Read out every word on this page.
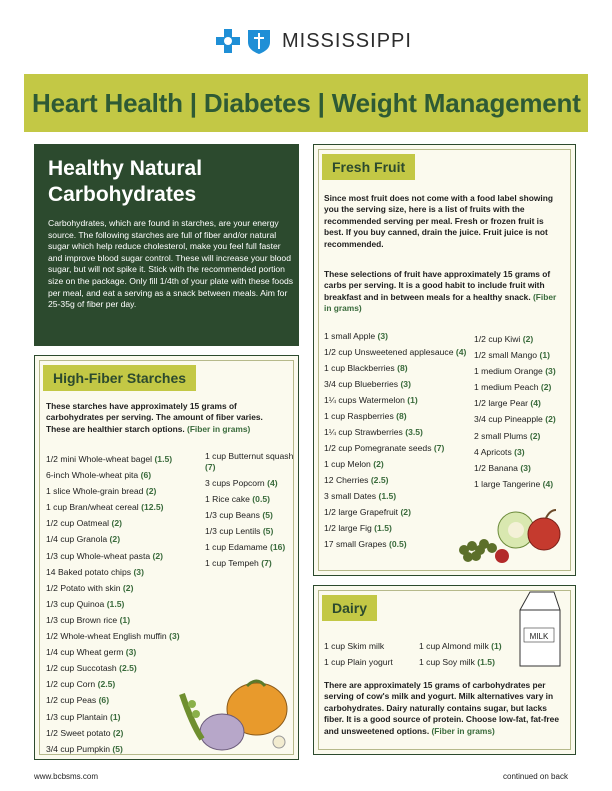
MISSISSIPPI
Heart Health | Diabetes | Weight Management
Healthy Natural Carbohydrates
Carbohydrates, which are found in starches, are your energy source. The following starches are full of fiber and/or natural sugar which help reduce cholesterol, make you feel full faster and improve blood sugar control. These will increase your blood sugar, but will not spike it. Stick with the recommended portion size on the package. Only fill 1/4th of your plate with these foods per meal, and eat a serving as a snack between meals. Aim for 25-35g of fiber per day.
High-Fiber Starches
These starches have approximately 15 grams of carbohydrates per serving. The amount of fiber varies. These are healthier starch options. (Fiber in grams)
1/2 mini Whole-wheat bagel (1.5)
6-inch Whole-wheat pita (6)
1 slice Whole-grain bread (2)
1 cup Bran/wheat cereal (12.5)
1/2 cup Oatmeal (2)
1/4 cup Granola (2)
1/3 cup Whole-wheat pasta (2)
14 Baked potato chips (3)
1/2 Potato with skin (2)
1/3 cup Quinoa (1.5)
1/3 cup Brown rice (1)
1/2 Whole-wheat English muffin (3)
1/4 cup Wheat germ (3)
1/2 cup Succotash (2.5)
1/2 cup Corn (2.5)
1/2 cup Peas (6)
1/3 cup Plantain (1)
1/2 Sweet potato (2)
3/4 cup Pumpkin (5)
1 cup Butternut squash (7)
3 cups Popcorn (4)
1 Rice cake (0.5)
1/3 cup Beans (5)
1/3 cup Lentils (5)
1 cup Edamame (16)
1 cup Tempeh (7)
Fresh Fruit
Since most fruit does not come with a food label showing you the serving size, here is a list of fruits with the recommended serving per meal. Fresh or frozen fruit is best. If you buy canned, drain the juice. Fruit juice is not recommended.
These selections of fruit have approximately 15 grams of carbs per serving. It is a good habit to include fruit with breakfast and in between meals for a healthy snack. (Fiber in grams)
1 small Apple (3)
1/2 cup Unsweetened applesauce (4)
1 cup Blackberries (8)
3/4 cup Blueberries (3)
1¼ cups Watermelon (1)
1 cup Raspberries (8)
1¼ cup Strawberries (3.5)
1/2 cup Pomegranate seeds (7)
1 cup Melon (2)
12 Cherries (2.5)
3 small Dates (1.5)
1/2 large Grapefruit (2)
1/2 large Fig (1.5)
17 small Grapes (0.5)
1/2 cup Kiwi (2)
1/2 small Mango (1)
1 medium Orange (3)
1 medium Peach (2)
1/2 large Pear (4)
3/4 cup Pineapple (2)
2 small Plums (2)
4 Apricots (3)
1/2 Banana (3)
1 large Tangerine (4)
Dairy
1 cup Skim milk
1 cup Plain yogurt
1 cup Almond milk (1)
1 cup Soy milk (1.5)
There are approximately 15 grams of carbohydrates per serving of cow's milk and yogurt. Milk alternatives vary in carbohydrates. Dairy naturally contains sugar, but lacks fiber. It is a good source of protein. Choose low-fat, fat-free and unsweetened options. (Fiber in grams)
MILK
www.bcbsms.com	continued on back
